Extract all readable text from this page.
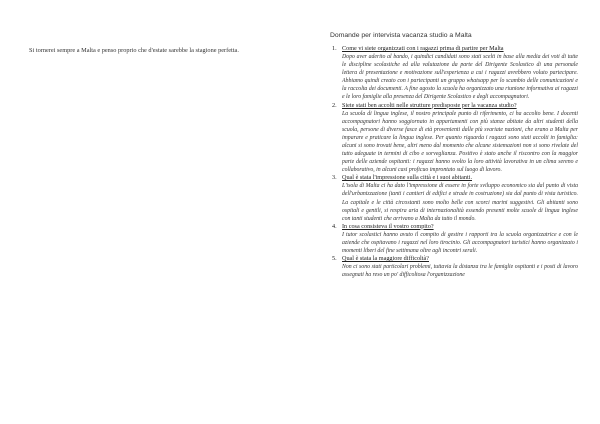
Si tornerei sempre a Malta e penso proprio che d'estate sarebbe la stagione perfetta.
Domande per intervista vacanza studio a Malta
1. Come vi siete organizzati con i ragazzi prima di partire per Malta

Dopo aver aderito al bando, i quindici candidati sono stati scelti in base alla media dei voti di tutte le discipline scolastiche ed alla valutazione da parte del Dirigente Scolastico di una personale lettera di presentazione e motivazione sull'esperienza a cui i ragazzi avrebbero voluto partecipare. Abbiamo quindi creato con i partecipanti un gruppo whatsapp per lo scambio delle comunicazioni e la raccolta dei documenti. A fine agosto la scuola ha organizzato una riunione informativa ai ragazzi e le loro famiglie alla presenza del Dirigente Scolastico e degli accompagnatori.

2. Siete stati ben accolti nelle strutture predisposte per la vacanza studio?

La scuola di lingua inglese, il nostro principale punto di riferimento, ci ha accolto bene. I docenti accompagnatori hanno soggiornato in appartamenti con più stanze abitate da altri studenti della scuola, persone di diverse fasce di età provenienti dalle più svariate nazioni, che erano a Malta per imparare e praticare la lingua inglese. Per quanto riguarda i ragazzi sono stati accolti in famiglia: alcuni si sono trovati bene, altri meno dal momento che alcune sistemazioni non si sono rivelate del tutto adeguate in termini di cibo e sorveglianza. Positivo è stato anche il riscontro con la maggior parte delle aziende ospitanti: i ragazzi hanno svolto la loro attività lavorativa in un clima sereno e collaborativo, in alcuni casi proficuo improntato sul luogo di lavoro.

3. Qual è stata l'impressione sulla città e i suoi abitanti.

L'isola di Malta ci ha dato l'impressione di essere in forte sviluppo economico sia dal punto di vista dell'urbanizzazione (tanti i cantieri di edifici e strade in costruzione) sia dal punto di vista turistico. La capitale e le città circostanti sono molto belle con scorci marini suggestivi. Gli abitanti sono ospitali e gentili, si respira aria di internazionalità essendo presenti molte scuole di lingua inglese con tanti studenti che arrivano a Malta da tutto il mondo.

4. In cosa consisteva il vostro compito?

I tutor scolastici hanno avuto il compito di gestire i rapporti tra la scuola organizzatrice e con le aziende che ospitavano i ragazzi nel loro tirocinio. Gli accompagnatori turistici hanno organizzato i momenti liberi del fine settimana oltre agli incontri serali.

5. Qual è stata la maggiore difficoltà?

Non ci sono stati particolari problemi, tuttavia la distanza tra le famiglie ospitanti e i posti di lavoro assegnati ha reso un po' difficoltosa l'organizzazione
